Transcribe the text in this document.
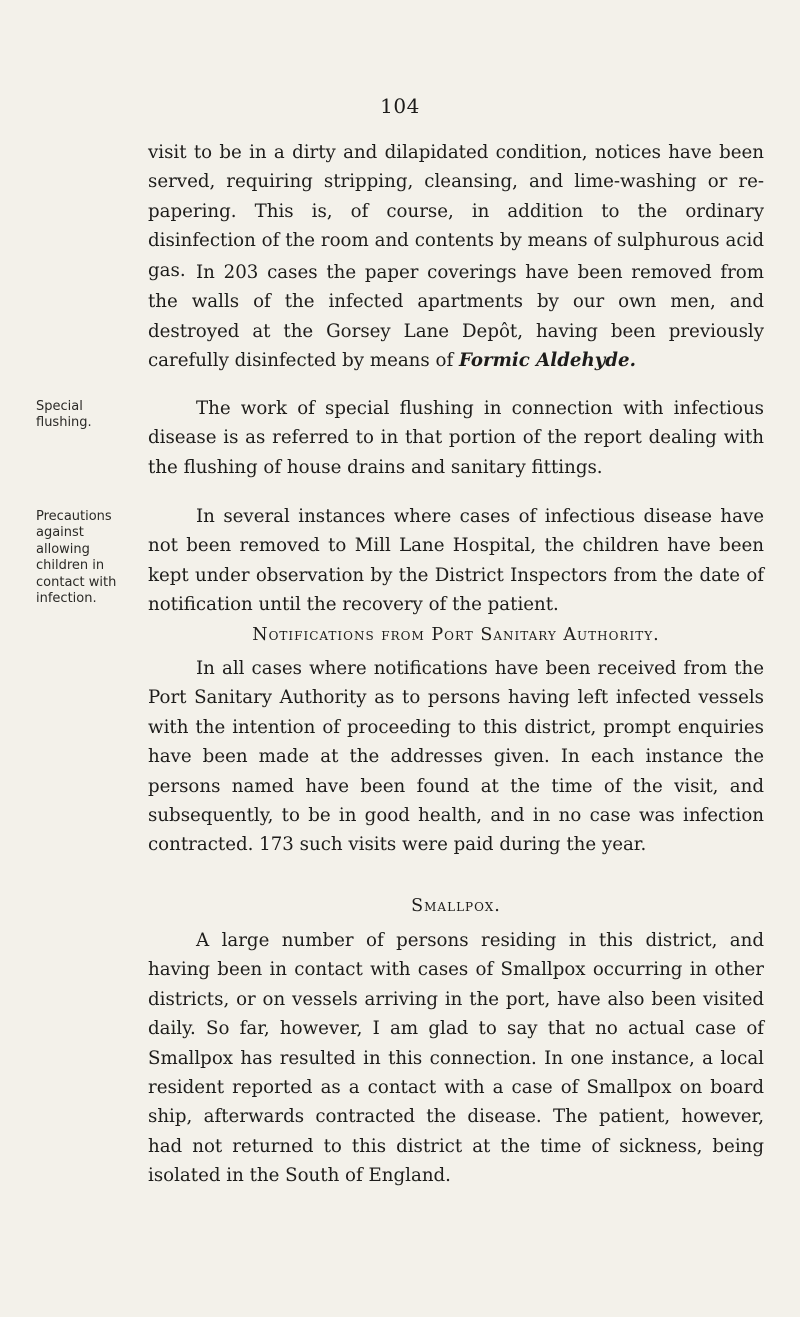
104

visit to be in a dirty and dilapidated condition, notices have been served, requiring stripping, cleansing, and lime-washing or re-papering. This is, of course, in addition to the ordinary disinfection of the room and contents by means of sulphurous acid gas. In 203 cases the paper coverings have been removed from the walls of the infected apartments by our own men, and destroyed at the Gorsey Lane Depôt, having been previously carefully disinfected by means of Formic Aldehyde.

Special flushing.

The work of special flushing in connection with infectious disease is as referred to in that portion of the report dealing with the flushing of house drains and sanitary fittings.

Precautions against allowing children in contact with infection.

In several instances where cases of infectious disease have not been removed to Mill Lane Hospital, the children have been kept under observation by the District Inspectors from the date of notification until the recovery of the patient.

Notifications from Port Sanitary Authority.

In all cases where notifications have been received from the Port Sanitary Authority as to persons having left infected vessels with the intention of proceeding to this district, prompt enquiries have been made at the addresses given. In each instance the persons named have been found at the time of the visit, and subsequently, to be in good health, and in no case was infection contracted. 173 such visits were paid during the year.

Smallpox.

A large number of persons residing in this district, and having been in contact with cases of Smallpox occurring in other districts, or on vessels arriving in the port, have also been visited daily. So far, however, I am glad to say that no actual case of Smallpox has resulted in this connection. In one instance, a local resident reported as a contact with a case of Smallpox on board ship, afterwards contracted the disease. The patient, however, had not returned to this district at the time of sickness, being isolated in the South of England.
